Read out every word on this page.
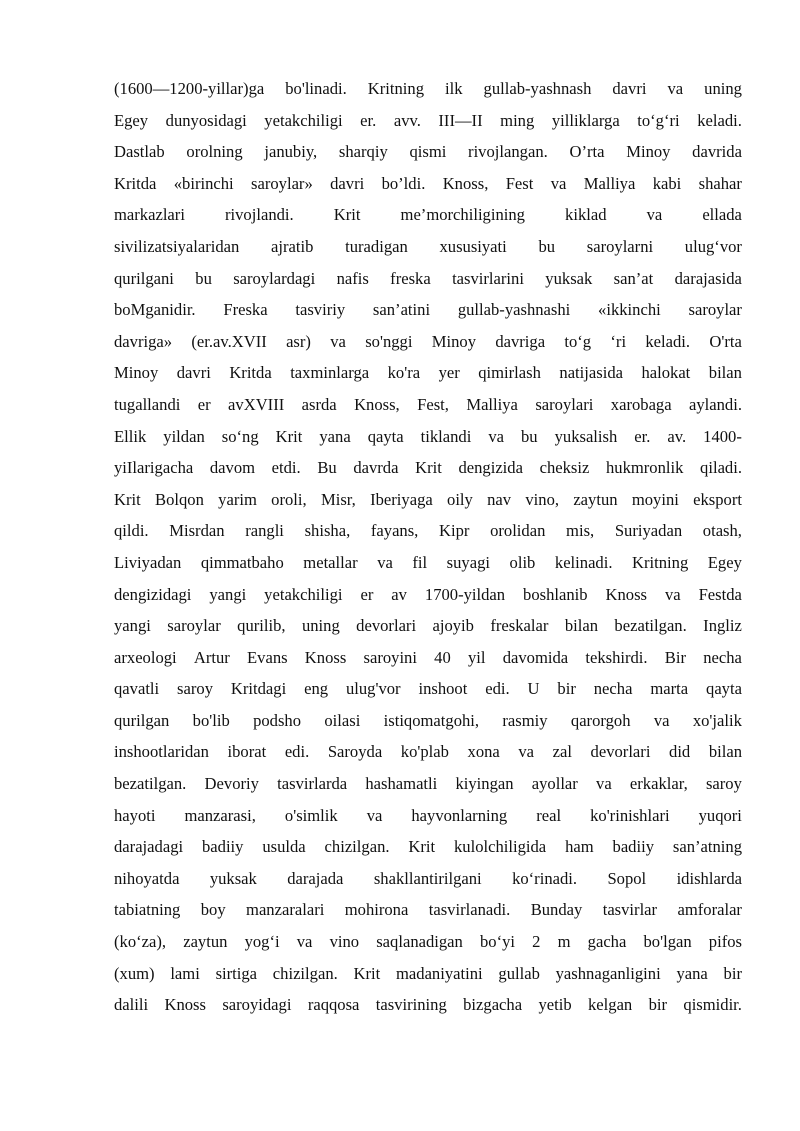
(1600—1200-yillar)ga bo'linadi. Kritning ilk gullab-yashnash davri va uning
Egey dunyosidagi yetakchiligi er. avv. III—II ming yilliklarga to‘g‘ri keladi.
Dastlab orolning janubiy, sharqiy qismi rivojlangan. O’rta Minoy davrida
Kritda «birinchi saroylar» davri bo’ldi. Knoss, Fest va Malliya kabi shahar
markazlari rivojlandi. Krit me’morchiligining kiklad va ellada
sivilizatsiyalaridan ajratib turadigan xususiyati bu saroylarni ulug‘vor
qurilgani bu saroylardagi nafis freska tasvirlarini yuksak san’at darajasida
boMganidir. Freska tasviriy san’atini gullab-yashnashi «ikkinchi saroylar
davriga» (er.av.XVII asr) va so'nggi Minoy davriga to‘g ‘ri keladi. O'rta
Minoy davri Kritda taxminlarga ko'ra yer qimirlash natijasida halokat bilan
tugallandi er avXVIII asrda Knoss, Fest, Malliya saroylari xarobaga aylandi.
Ellik yildan so‘ng Krit yana qayta tiklandi va bu yuksalish er. av. 1400-
yiIlarigacha davom etdi. Bu davrda Krit dengizida cheksiz hukmronlik qiladi.
Krit Bolqon yarim oroli, Misr, Iberiyaga oily nav vino, zaytun moyini eksport
qildi. Misrdan rangli shisha, fayans, Kipr orolidan mis, Suriyadan otash,
Liviyadan qimmatbaho metallar va fil suyagi olib kelinadi. Kritning Egey
dengizidagi yangi yetakchiligi er av 1700-yildan boshlanib Knoss va Festda
yangi saroylar qurilib, uning devorlari ajoyib freskalar bilan bezatilgan. Ingliz
arxeologi Artur Evans Knoss saroyini 40 yil davomida tekshirdi. Bir necha
qavatli saroy Kritdagi eng ulug'vor inshoot edi. U bir necha marta qayta
qurilgan bo'lib podsho oilasi istiqomatgohi, rasmiy qarorgoh va xo'jalik
inshootlaridan iborat edi. Saroyda ko'plab xona va zal devorlari did bilan
bezatilgan. Devoriy tasvirlarda hashamatli kiyingan ayollar va erkaklar, saroy
hayoti manzarasi, o'simlik va hayvonlarning real ko'rinishlari yuqori
darajadagi badiiy usulda chizilgan. Krit kulolchiligida ham badiiy san’atning
nihoyatda yuksak darajada shakllantirilgani ko‘rinadi. Sopol idishlarda
tabiatning boy manzaralari mohirona tasvirlanadi. Bunday tasvirlar amforalar
(ko‘za), zaytun yog‘i va vino saqlanadigan bo‘yi 2 m gacha bo'lgan pifos
(xum) lami sirtiga chizilgan. Krit madaniyatini gullab yashnaganligini yana bir
dalili Knoss saroyidagi raqqosa tasvirining bizgacha yetib kelgan bir qismidir.
